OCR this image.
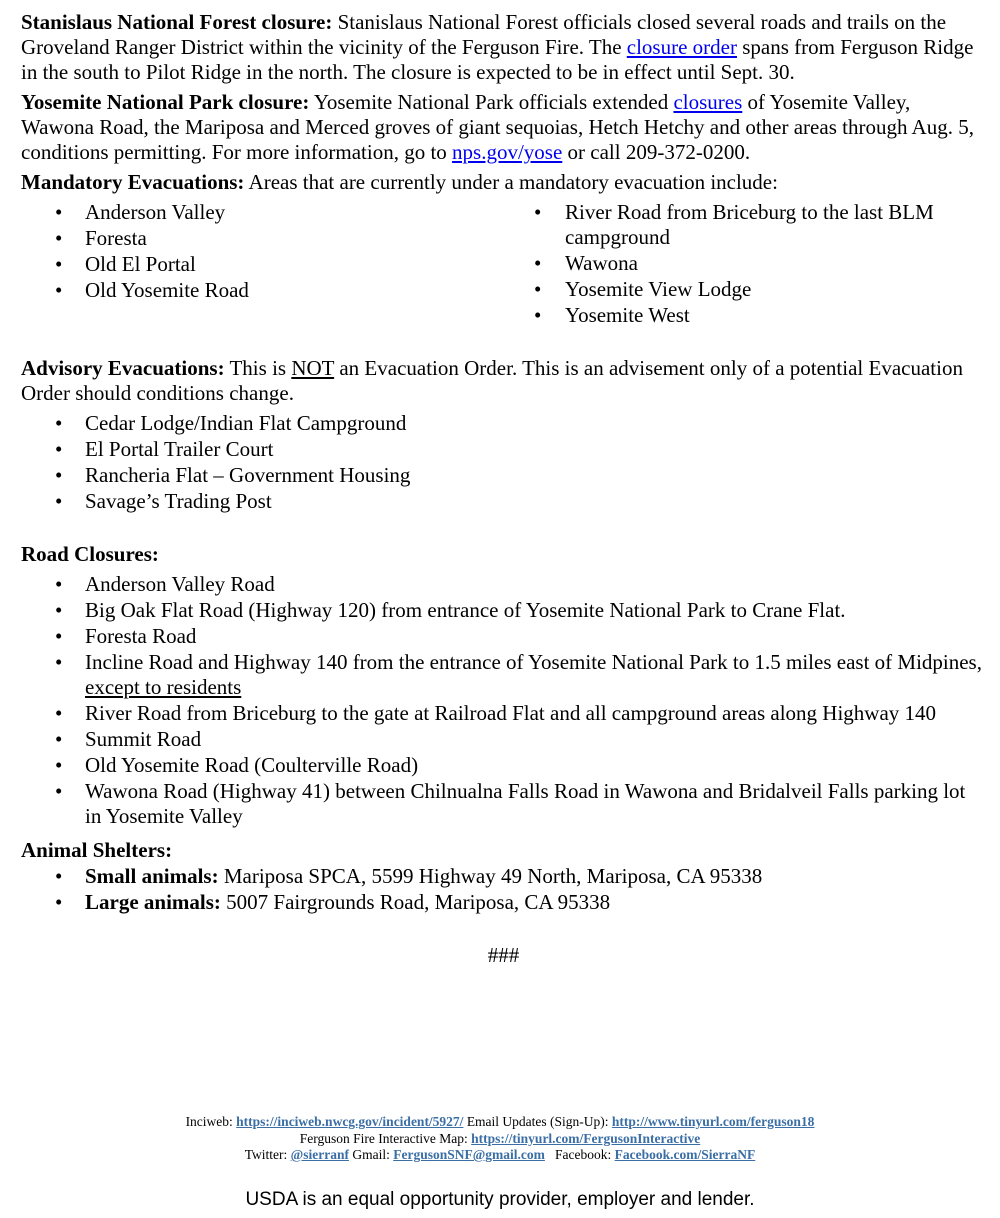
Stanislaus National Forest closure: Stanislaus National Forest officials closed several roads and trails on the Groveland Ranger District within the vicinity of the Ferguson Fire. The closure order spans from Ferguson Ridge in the south to Pilot Ridge in the north. The closure is expected to be in effect until Sept. 30.

Yosemite National Park closure: Yosemite National Park officials extended closures of Yosemite Valley, Wawona Road, the Mariposa and Merced groves of giant sequoias, Hetch Hetchy and other areas through Aug. 5, conditions permitting. For more information, go to nps.gov/yose or call 209-372-0200.

Mandatory Evacuations: Areas that are currently under a mandatory evacuation include:

• Anderson Valley
• Foresta
• Old El Portal
• Old Yosemite Road
• River Road from Briceburg to the last BLM campground
• Wawona
• Yosemite View Lodge
• Yosemite West

Advisory Evacuations: This is NOT an Evacuation Order. This is an advisement only of a potential Evacuation Order should conditions change.

• Cedar Lodge/Indian Flat Campground
• El Portal Trailer Court
• Rancheria Flat – Government Housing
• Savage’s Trading Post

Road Closures:

• Anderson Valley Road
• Big Oak Flat Road (Highway 120) from entrance of Yosemite National Park to Crane Flat.
• Foresta Road
• Incline Road and Highway 140 from the entrance of Yosemite National Park to 1.5 miles east of Midpines, except to residents
• River Road from Briceburg to the gate at Railroad Flat and all campground areas along Highway 140
• Summit Road
• Old Yosemite Road (Coulterville Road)
• Wawona Road (Highway 41) between Chilnualna Falls Road in Wawona and Bridalveil Falls parking lot in Yosemite Valley

Animal Shelters:

• Small animals: Mariposa SPCA, 5599 Highway 49 North, Mariposa, CA 95338
• Large animals: 5007 Fairgrounds Road, Mariposa, CA 95338

###

Inciweb: https://inciweb.nwcg.gov/incident/5927/ Email Updates (Sign-Up): http://www.tinyurl.com/ferguson18
Ferguson Fire Interactive Map: https://tinyurl.com/FergusonInteractive
Twitter: @sierranf Gmail: FergusonSNF@gmail.com Facebook: Facebook.com/SierraNF
USDA is an equal opportunity provider, employer and lender.
